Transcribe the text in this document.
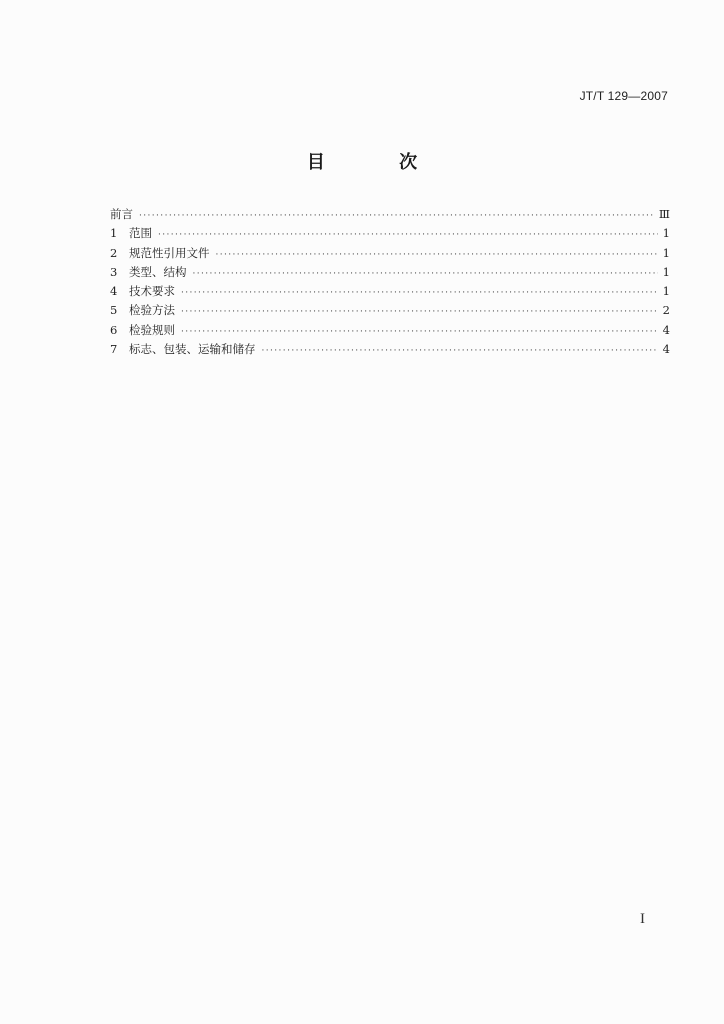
JT/T 129—2007
目 次
前言 ·····	Ⅲ
1	范围 ·····	1
2	规范性引用文件 ·····	1
3	类型、结构 ·····	1
4	技术要求 ·····	1
5	检验方法 ·····	2
6	检验规则 ·····	4
7	标志、包装、运输和储存 ·····	4
I
